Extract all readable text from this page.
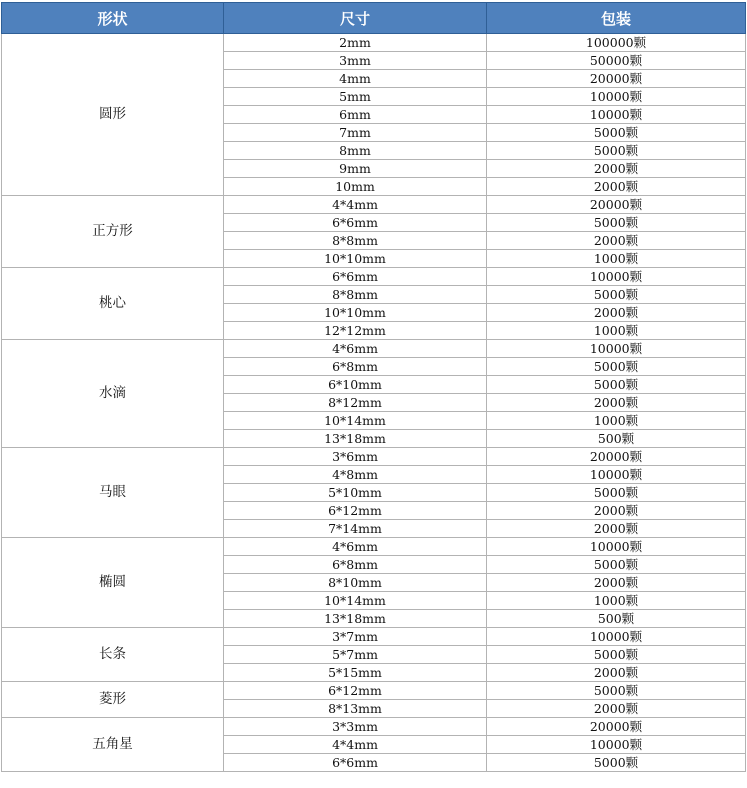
形状	尺寸	包装
圆形	2mm	100000颗
	3mm	50000颗
	4mm	20000颗
	5mm	10000颗
	6mm	10000颗
	7mm	5000颗
	8mm	5000颗
	9mm	2000颗
	10mm	2000颗
正方形	4*4mm	20000颗
	6*6mm	5000颗
	8*8mm	2000颗
	10*10mm	1000颗
桃心	6*6mm	10000颗
	8*8mm	5000颗
	10*10mm	2000颗
	12*12mm	1000颗
水滴	4*6mm	10000颗
	6*8mm	5000颗
	6*10mm	5000颗
	8*12mm	2000颗
	10*14mm	1000颗
	13*18mm	500颗
马眼	3*6mm	20000颗
	4*8mm	10000颗
	5*10mm	5000颗
	6*12mm	2000颗
	7*14mm	2000颗
椭圆	4*6mm	10000颗
	6*8mm	5000颗
	8*10mm	2000颗
	10*14mm	1000颗
	13*18mm	500颗
长条	3*7mm	10000颗
	5*7mm	5000颗
	5*15mm	2000颗
菱形	6*12mm	5000颗
	8*13mm	2000颗
五角星	3*3mm	20000颗
	4*4mm	10000颗
	6*6mm	5000颗
